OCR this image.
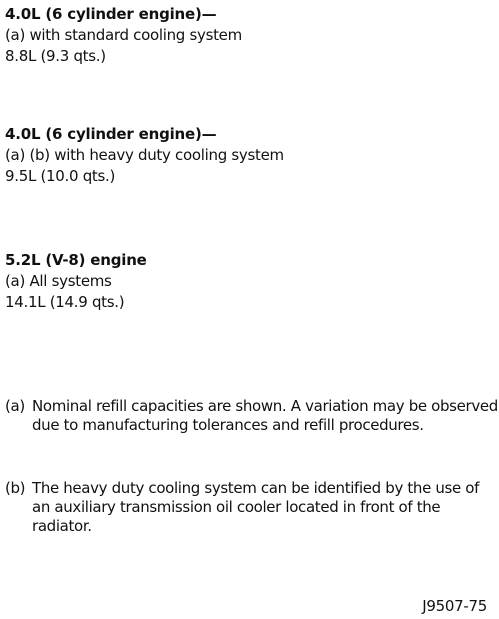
4.0L (6 cylinder engine)—
(a) with standard cooling system
8.8L (9.3 qts.)
4.0L (6 cylinder engine)—
(a) (b) with heavy duty cooling system
9.5L (10.0 qts.)
5.2L (V-8) engine
(a) All systems
14.1L (14.9 qts.)
(a) Nominal refill capacities are shown. A variation may be observed due to manufacturing tolerances and refill procedures.
(b) The heavy duty cooling system can be identified by the use of an auxiliary transmission oil cooler located in front of the radiator.
J9507-75
